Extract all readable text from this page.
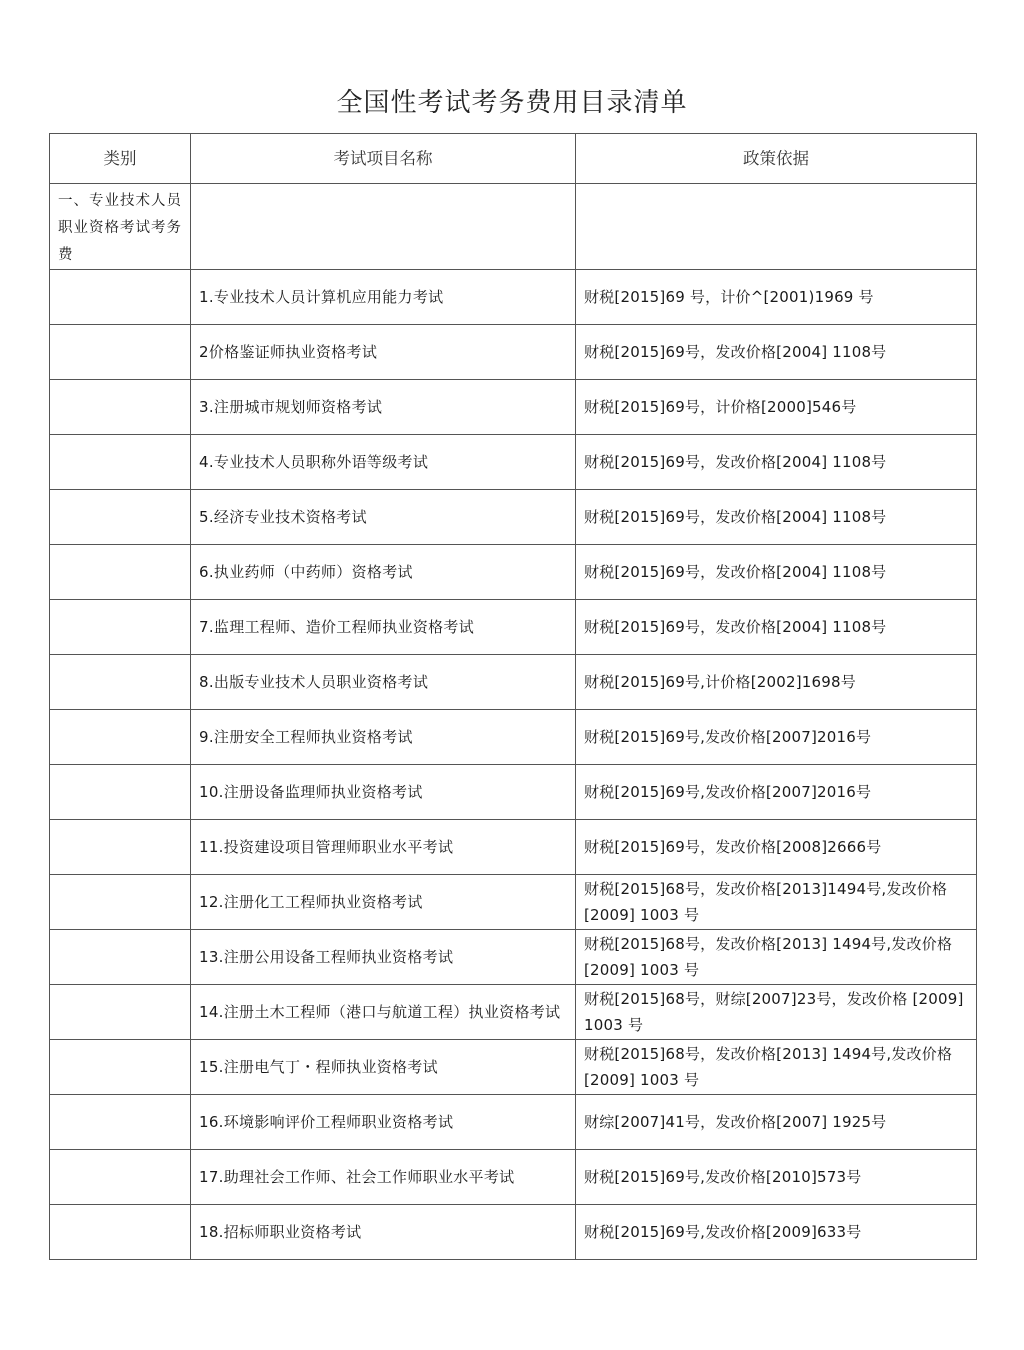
全国性考试考务费用目录清单
类别	考试项目名称	政策依据
一、专业技术人员职业资格考试考务费		
	1.专业技术人员计算机应用能力考试	财税[2015]69 号，计价^[2001)1969 号
	2价格鉴证师执业资格考试	财税[2015]69号，发改价格[2004] 1108号
	3.注册城市规划师资格考试	财税[2015]69号，计价格[2000]546号
	4.专业技术人员职称外语等级考试	财税[2015]69号，发改价格[2004] 1108号
	5.经济专业技术资格考试	财税[2015]69号，发改价格[2004] 1108号
	6.执业药师（中药师）资格考试	财税[2015]69号，发改价格[2004] 1108号
	7.监理工程师、造价工程师执业资格考试	财税[2015]69号，发改价格[2004] 1108号
	8.出版专业技术人员职业资格考试	财税[2015]69号,计价格[2002]1698号
	9.注册安全工程师执业资格考试	财税[2015]69号,发改价格[2007]2016号
	10.注册设备监理师执业资格考试	财税[2015]69号,发改价格[2007]2016号
	11.投资建设项目管理师职业水平考试	财税[2015]69号，发改价格[2008]2666号
	12.注册化工工程师执业资格考试	财税[2015]68号，发改价格[2013]1494号,发改价格[2009] 1003 号
	13.注册公用设备工程师执业资格考试	财税[2015]68号，发改价格[2013] 1494号,发改价格[2009] 1003 号
	14.注册土木工程师（港口与航道工程）执业资格考试	财税[2015]68号，财综[2007]23号，发改价格 [2009] 1003 号
	15.注册电气丁・程师执业资格考试	财税[2015]68号，发改价格[2013] 1494号,发改价格[2009] 1003 号
	16.环境影响评价工程师职业资格考试	财综[2007]41号，发改价格[2007] 1925号
	17.助理社会工作师、社会工作师职业水平考试	财税[2015]69号,发改价格[2010]573号
	18.招标师职业资格考试	财税[2015]69号,发改价格[2009]633号
